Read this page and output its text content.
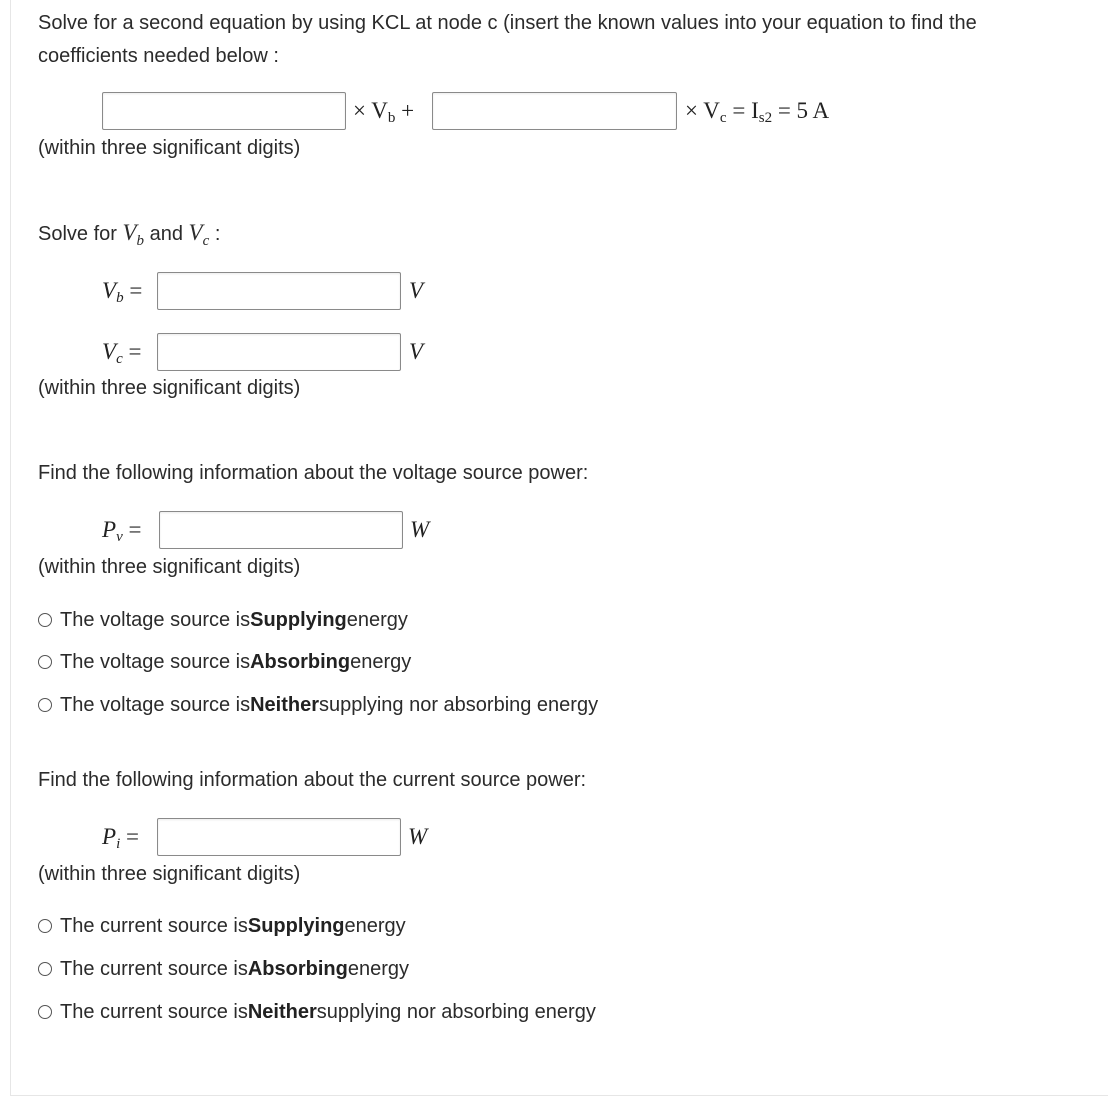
Solve for a second equation by using KCL at node c (insert the known values into your equation to find the
coefficients needed below :
× $V_b$ +	× $V_c = I_{s2} = 5$ A
(within three significant digits)
Solve for $V_b$ and $V_c$ :
$V_b$ =	V
$V_c$ =	V
(within three significant digits)
Find the following information about the voltage source power:
$P_v$ =	W
(within three significant digits)
The voltage source is Supplying energy
The voltage source is Absorbing energy
The voltage source is Neither supplying nor absorbing energy
Find the following information about the current source power:
$P_i$ =	W
(within three significant digits)
The current source is Supplying energy
The current source is Absorbing energy
The current source is Neither supplying nor absorbing energy
